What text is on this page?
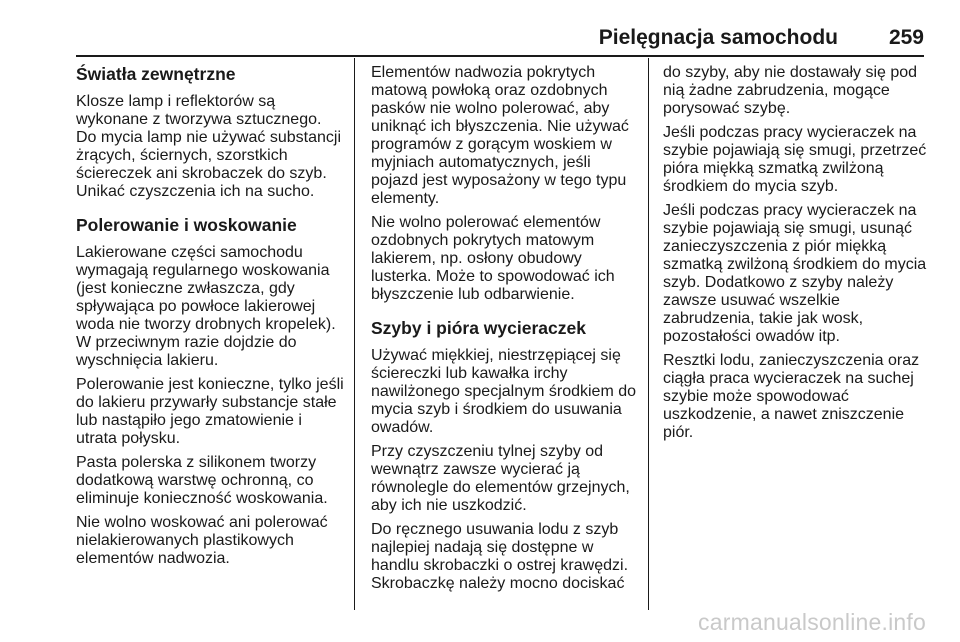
Pielęgnacja samochodu 259
Światła zewnętrzne

Klosze lamp i reflektorów są
wykonane z tworzywa sztucznego.
Do mycia lamp nie używać substancji
żrących, ściernych, szorstkich
ściereczek ani skrobaczek do szyb.
Unikać czyszczenia ich na sucho.

Polerowanie i woskowanie

Lakierowane części samochodu
wymagają regularnego woskowania
(jest konieczne zwłaszcza, gdy
spływająca po powłoce lakierowej
woda nie tworzy drobnych kropelek).
W przeciwnym razie dojdzie do
wyschnięcia lakieru.

Polerowanie jest konieczne, tylko jeśli
do lakieru przywarły substancje stałe
lub nastąpiło jego zmatowienie i
utrata połysku.

Pasta polerska z silikonem tworzy
dodatkową warstwę ochronną, co
eliminuje konieczność woskowania.

Nie wolno woskować ani polerować
nielakierowanych plastikowych
elementów nadwozia.

Elementów nadwozia pokrytych
matową powłoką oraz ozdobnych
pasków nie wolno polerować, aby
uniknąć ich błyszczenia. Nie używać
programów z gorącym woskiem w
myjniach automatycznych, jeśli
pojazd jest wyposażony w tego typu
elementy.

Nie wolno polerować elementów
ozdobnych pokrytych matowym
lakierem, np. osłony obudowy
lusterka. Może to spowodować ich
błyszczenie lub odbarwienie.

Szyby i pióra wycieraczek

Używać miękkiej, niestrzępiącej się
ściereczki lub kawałka irchy
nawilżonego specjalnym środkiem do
mycia szyb i środkiem do usuwania
owadów.

Przy czyszczeniu tylnej szyby od
wewnątrz zawsze wycierać ją
równolegle do elementów grzejnych,
aby ich nie uszkodzić.

Do ręcznego usuwania lodu z szyb
najlepiej nadają się dostępne w
handlu skrobaczki o ostrej krawędzi.
Skrobaczkę należy mocno dociskać

do szyby, aby nie dostawały się pod
nią żadne zabrudzenia, mogące
porysować szybę.

Jeśli podczas pracy wycieraczek na
szybie pojawiają się smugi, przetrzeć
pióra miękką szmatką zwilżoną
środkiem do mycia szyb.

Jeśli podczas pracy wycieraczek na
szybie pojawiają się smugi, usunąć
zanieczyszczenia z piór miękką
szmatką zwilżoną środkiem do mycia
szyb. Dodatkowo z szyby należy
zawsze usuwać wszelkie
zabrudzenia, takie jak wosk,
pozostałości owadów itp.

Resztki lodu, zanieczyszczenia oraz
ciągła praca wycieraczek na suchej
szybie może spowodować
uszkodzenie, a nawet zniszczenie
piór.

carmanualsonline.info
